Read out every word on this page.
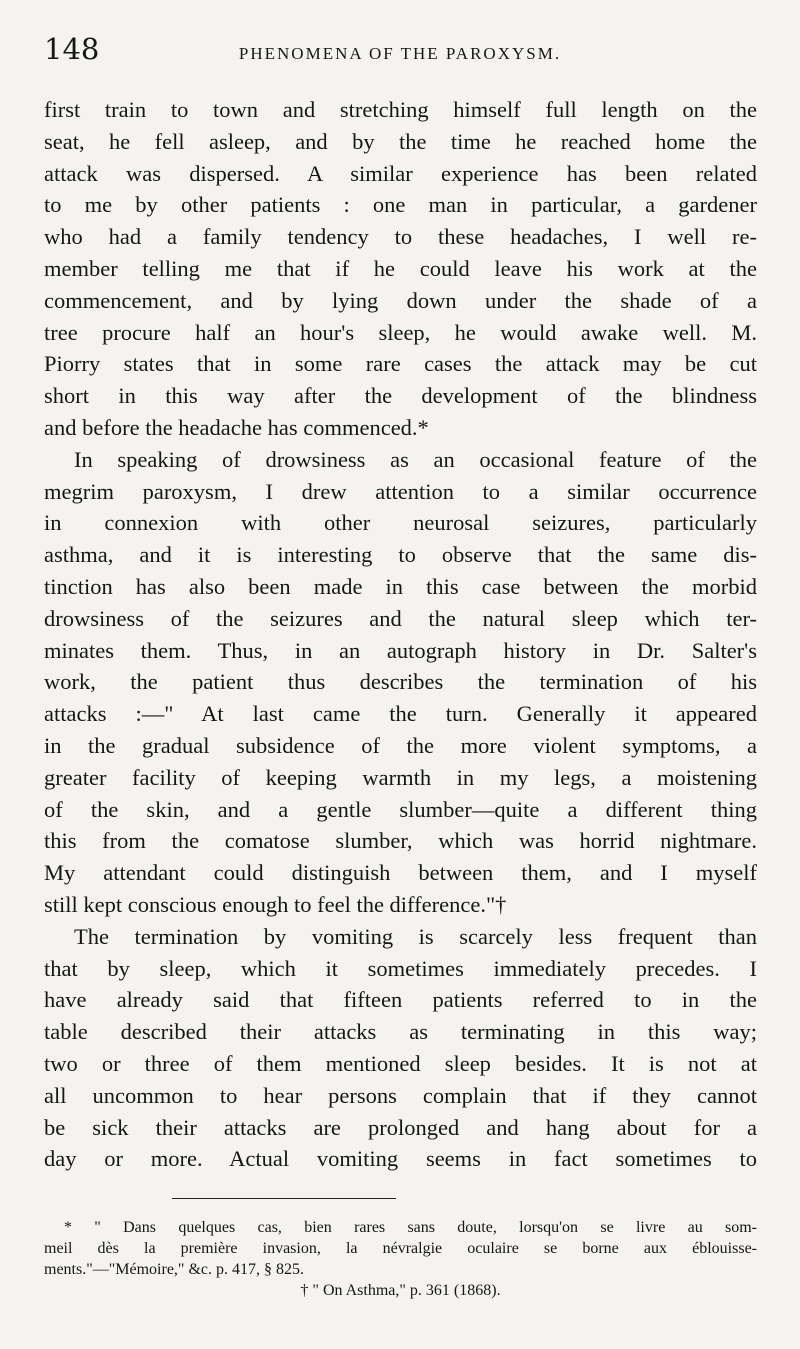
148	PHENOMENA OF THE PAROXYSM.
first train to town and stretching himself full length on the
seat, he fell asleep, and by the time he reached home the
attack was dispersed. A similar experience has been related
to me by other patients : one man in particular, a gardener
who had a family tendency to these headaches, I well re-
member telling me that if he could leave his work at the
commencement, and by lying down under the shade of a
tree procure half an hour's sleep, he would awake well. M.
Piorry states that in some rare cases the attack may be cut
short in this way after the development of the blindness
and before the headache has commenced.*
In speaking of drowsiness as an occasional feature of the
megrim paroxysm, I drew attention to a similar occurrence
in connexion with other neurosal seizures, particularly
asthma, and it is interesting to observe that the same dis-
tinction has also been made in this case between the morbid
drowsiness of the seizures and the natural sleep which ter-
minates them. Thus, in an autograph history in Dr. Salter's
work, the patient thus describes the termination of his
attacks :—" At last came the turn. Generally it appeared
in the gradual subsidence of the more violent symptoms, a
greater facility of keeping warmth in my legs, a moistening
of the skin, and a gentle slumber—quite a different thing
this from the comatose slumber, which was horrid nightmare.
My attendant could distinguish between them, and I myself
still kept conscious enough to feel the difference."†
The termination by vomiting is scarcely less frequent than
that by sleep, which it sometimes immediately precedes. I
have already said that fifteen patients referred to in the
table described their attacks as terminating in this way;
two or three of them mentioned sleep besides. It is not at
all uncommon to hear persons complain that if they cannot
be sick their attacks are prolonged and hang about for a
day or more. Actual vomiting seems in fact sometimes to
* " Dans quelques cas, bien rares sans doute, lorsqu'on se livre au som-
meil dès la première invasion, la névralgie oculaire se borne aux éblouisse-
ments."—"Mémoire," &c. p. 417, § 825.
† " On Asthma," p. 361 (1868).
